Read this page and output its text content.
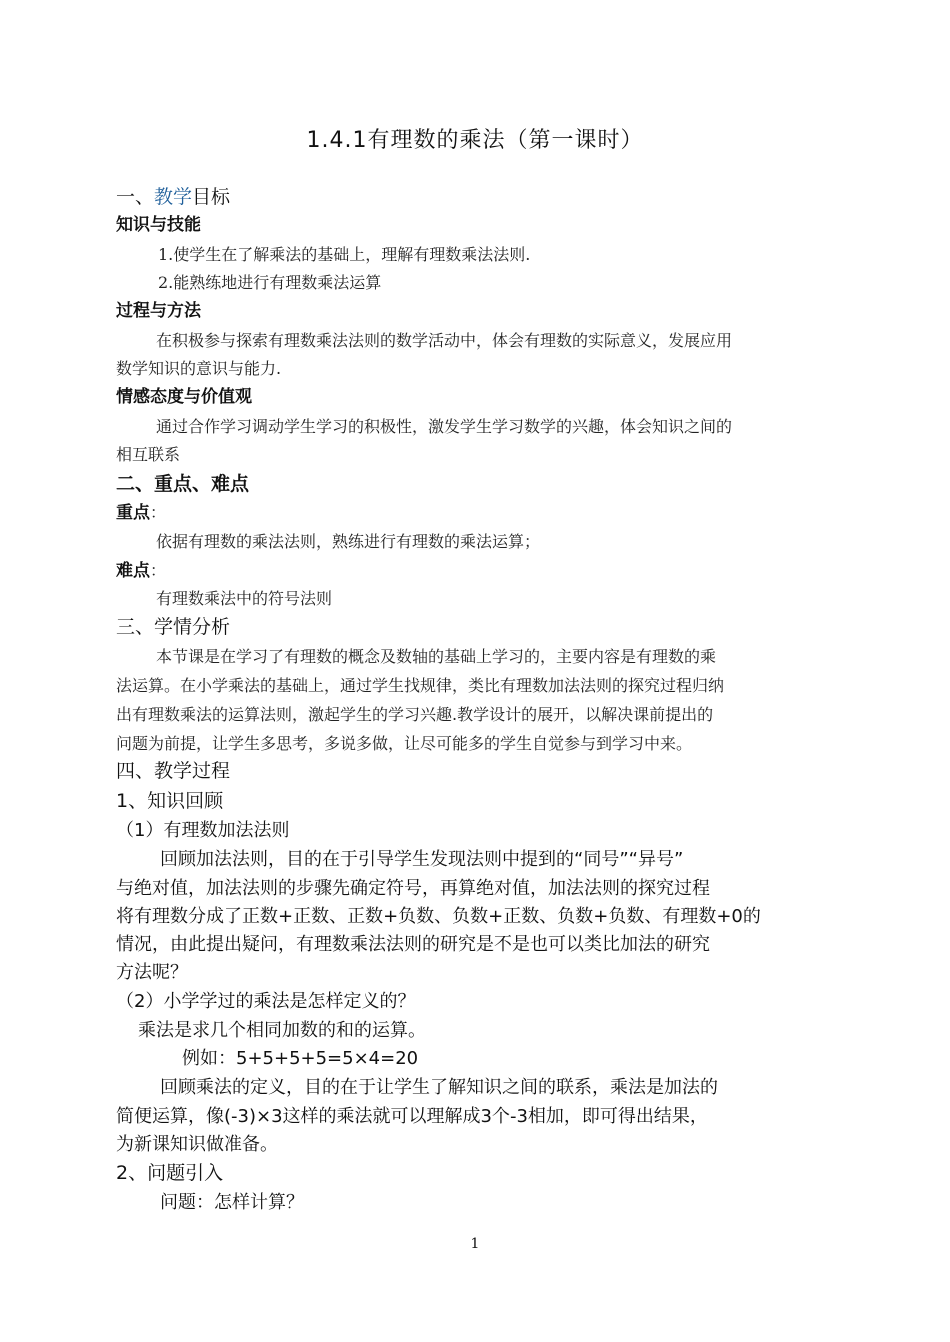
1.4.1有理数的乘法（第一课时）
一、教学目标
知识与技能
1.使学生在了解乘法的基础上，理解有理数乘法法则.
2.能熟练地进行有理数乘法运算
过程与方法
在积极参与探索有理数乘法法则的数学活动中，体会有理数的实际意义，发展应用
数学知识的意识与能力.
情感态度与价值观
通过合作学习调动学生学习的积极性，激发学生学习数学的兴趣，体会知识之间的
相互联系
二、重点、难点
重点：
依据有理数的乘法法则，熟练进行有理数的乘法运算；
难点：
有理数乘法中的符号法则
三、学情分析
本节课是在学习了有理数的概念及数轴的基础上学习的，主要内容是有理数的乘
法运算。在小学乘法的基础上，通过学生找规律，类比有理数加法法则的探究过程归纳
出有理数乘法的运算法则，激起学生的学习兴趣.教学设计的展开，以解决课前提出的
问题为前提，让学生多思考，多说多做，让尽可能多的学生自觉参与到学习中来。
四、教学过程
1、知识回顾
（1）有理数加法法则
回顾加法法则，目的在于引导学生发现法则中提到的“同号”“异号”
与绝对值，加法法则的步骤先确定符号，再算绝对值，加法法则的探究过程
将有理数分成了正数+正数、正数+负数、负数+正数、负数+负数、有理数+0的
情况，由此提出疑问，有理数乘法法则的研究是不是也可以类比加法的研究
方法呢？
（2）小学学过的乘法是怎样定义的？
乘法是求几个相同加数的和的运算。
例如：5+5+5+5=5×4=20
回顾乘法的定义，目的在于让学生了解知识之间的联系，乘法是加法的
简便运算，像(-3)×3这样的乘法就可以理解成3个-3相加，即可得出结果，
为新课知识做准备。
2、问题引入
问题：怎样计算？
1
